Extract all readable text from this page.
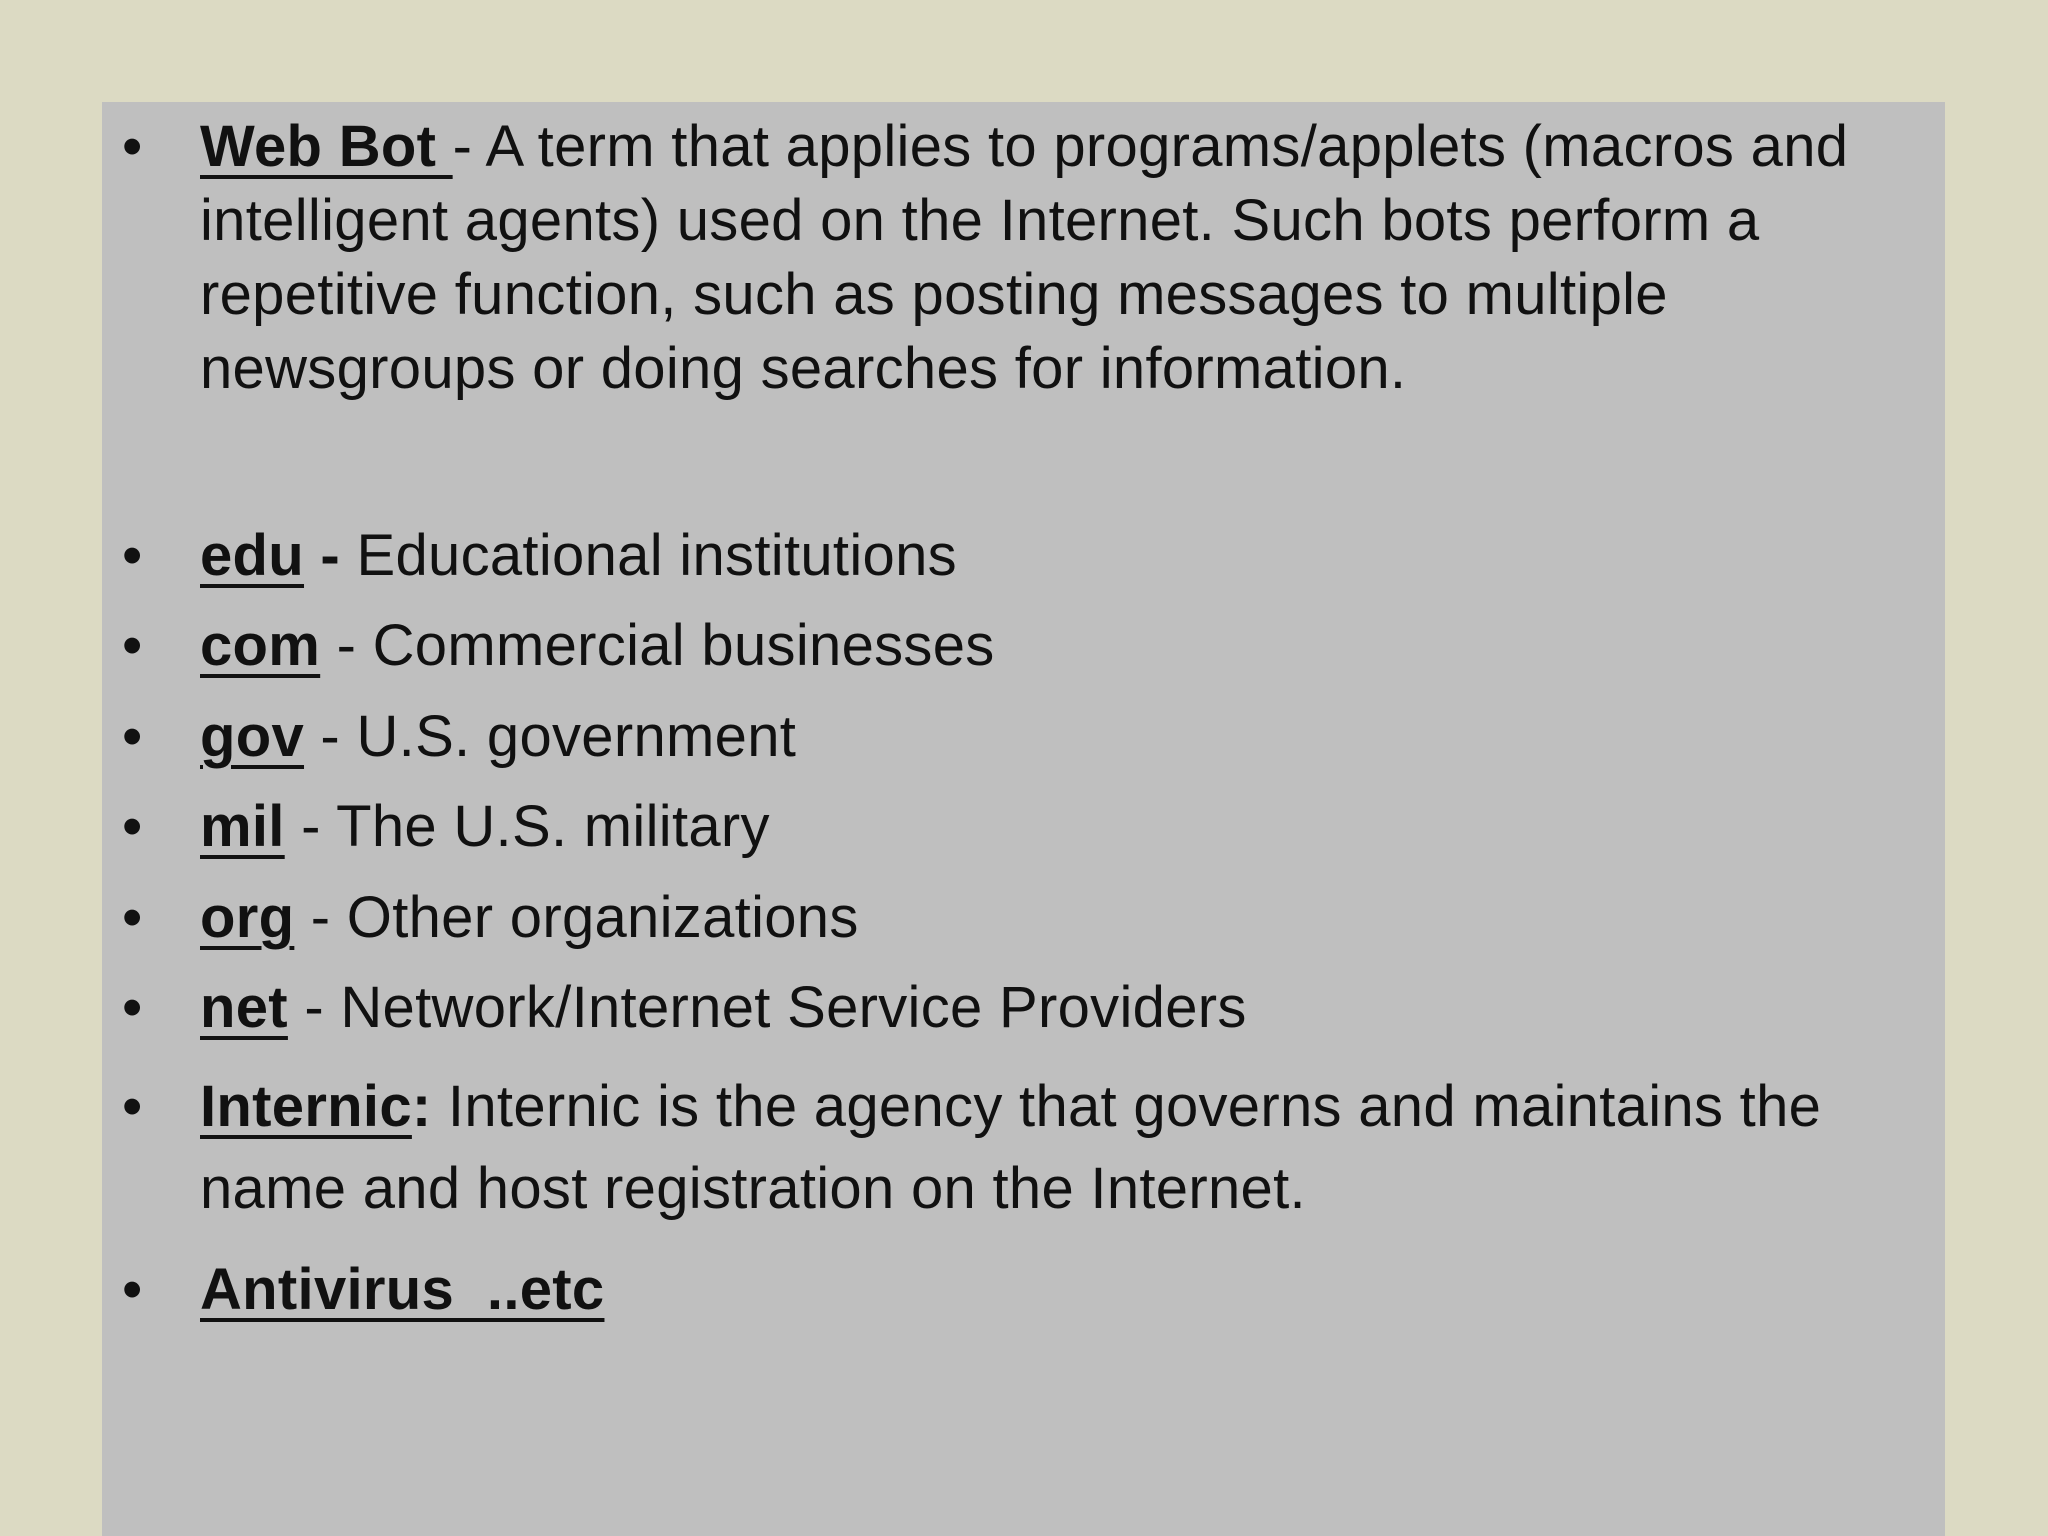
• Web Bot - A term that applies to programs/applets (macros and intelligent agents) used on the Internet. Such bots perform a repetitive function, such as posting messages to multiple newsgroups or doing searches for information.
• edu - Educational institutions
• com - Commercial businesses
• gov - U.S. government
• mil - The U.S. military
• org - Other organizations
• net - Network/Internet Service Providers
• Internic: Internic is the agency that governs and maintains the name and host registration on the Internet.
• Antivirus  ..etc
